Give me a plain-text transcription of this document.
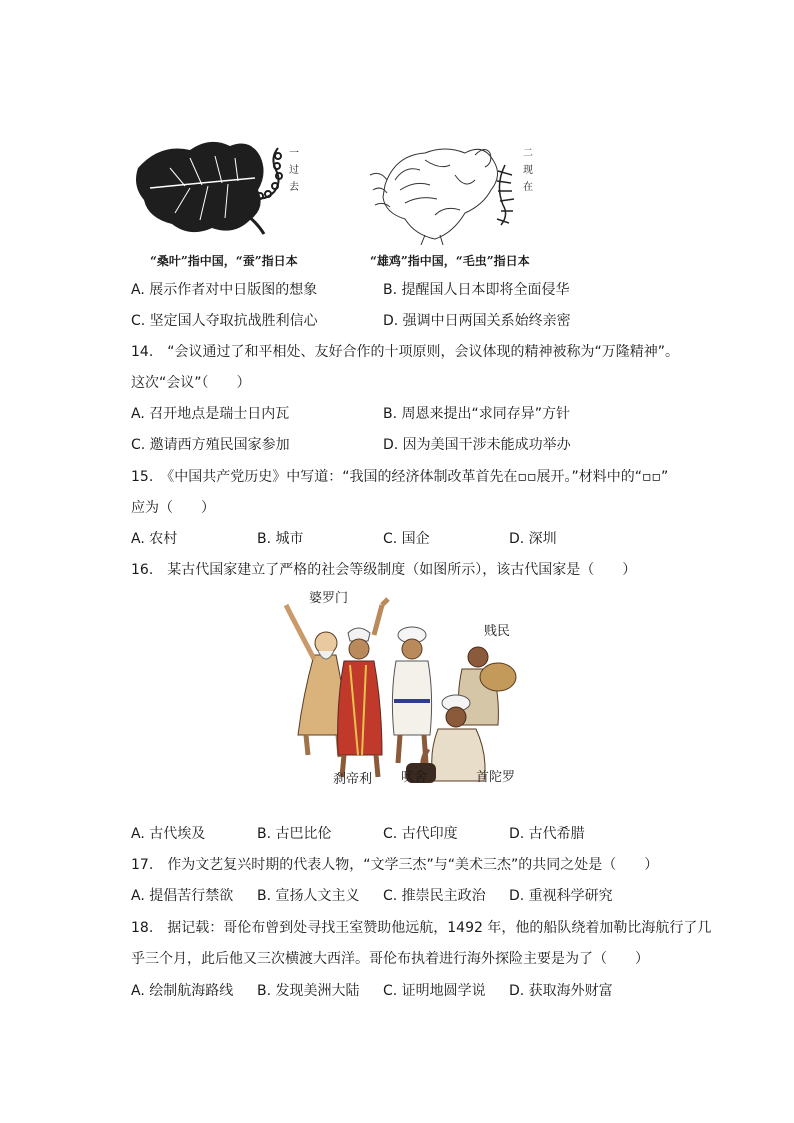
一
过
去
“桑叶”指中国，“蚕”指日本
二
现
在
“雄鸡”指中国，“毛虫”指日本
A. 展示作者对中日版图的想象	B. 提醒国人日本即将全面侵华
C. 坚定国人夺取抗战胜利信心	D. 强调中日两国关系始终亲密
14.　“会议通过了和平相处、友好合作的十项原则，会议体现的精神被称为“万隆精神”。
这次“会议”（　　）
A. 召开地点是瑞士日内瓦	B. 周恩来提出“求同存异”方针
C. 邀请西方殖民国家参加	D. 因为美国干涉未能成功举办
15.　《中国共产党历史》中写道：“我国的经济体制改革首先在▫▫展开。”材料中的“▫▫”
应为（　　）
A. 农村	B. 城市	C. 国企	D. 深圳
16.　某古代国家建立了严格的社会等级制度（如图所示），该古代国家是（　　）
婆罗门
贱民
刹帝利 吠舍	首陀罗
A. 古代埃及	B. 古巴比伦	C. 古代印度	D. 古代希腊
17.　作为文艺复兴时期的代表人物，“文学三杰”与“美术三杰”的共同之处是（　　）
A. 提倡苦行禁欲 B. 宣扬人文主义 C. 推崇民主政治 D. 重视科学研究
18.　据记载：哥伦布曾到处寻找王室赞助他远航，1492 年，他的船队绕着加勒比海航行了几
乎三个月，此后他又三次横渡大西洋。哥伦布执着进行海外探险主要是为了（　　）
A. 绘制航海路线 B. 发现美洲大陆 C. 证明地圆学说 D. 获取海外财富
